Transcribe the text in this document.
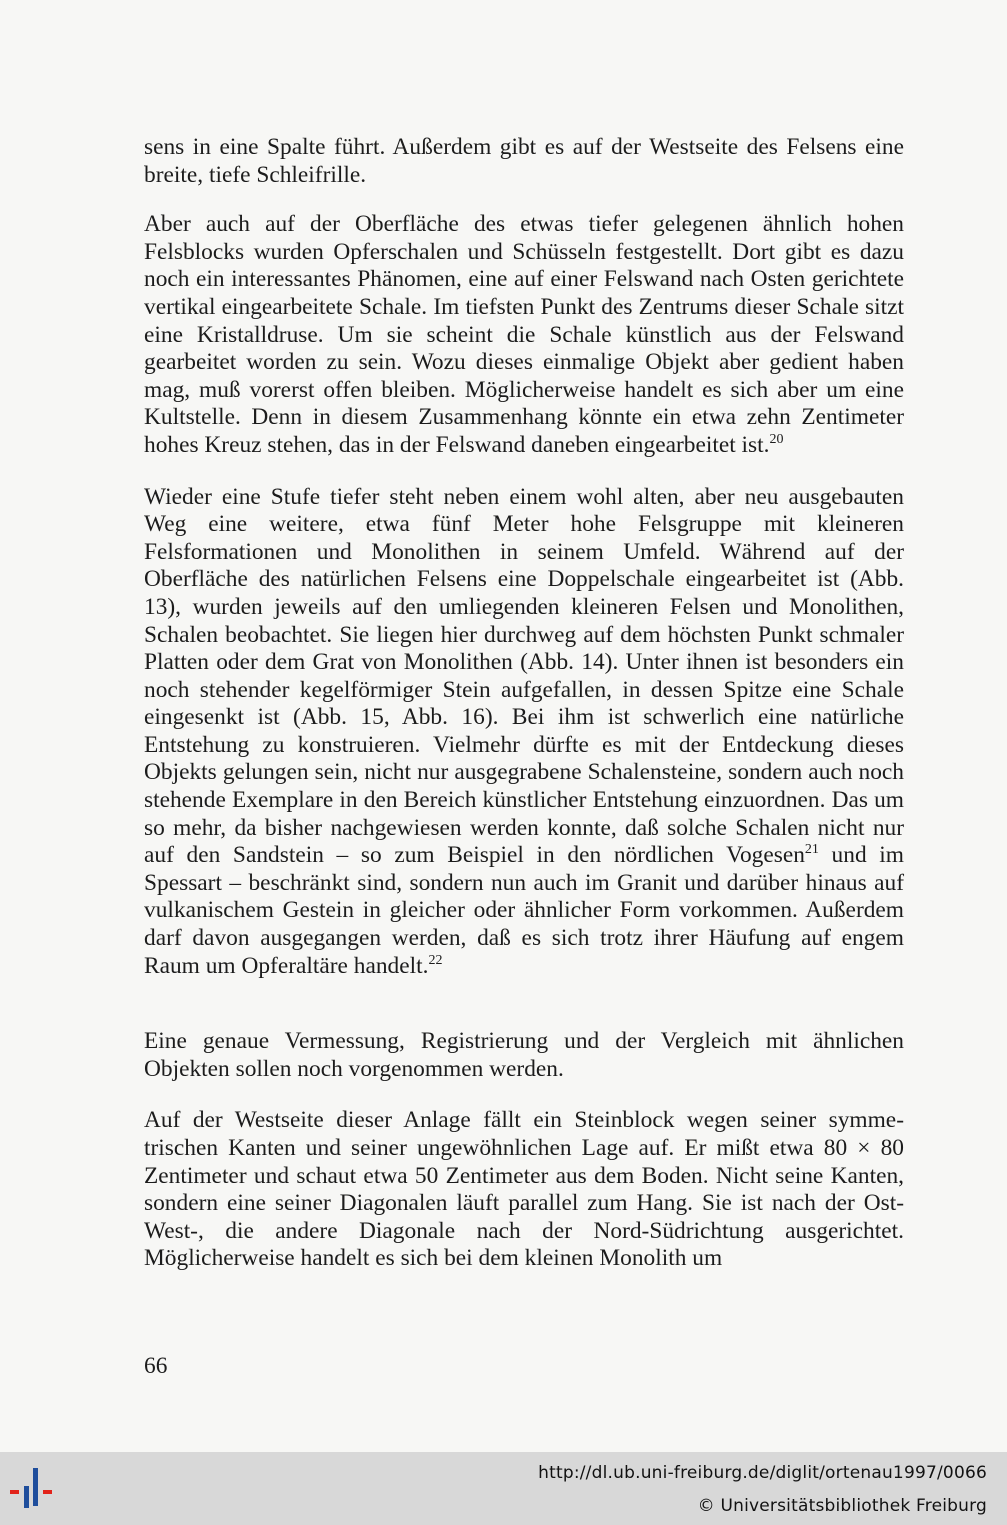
sens in eine Spalte führt. Außerdem gibt es auf der Westseite des Felsens eine breite, tiefe Schleifrille.

Aber auch auf der Oberfläche des etwas tiefer gelegenen ähnlich hohen Felsblocks wurden Opferschalen und Schüsseln festgestellt. Dort gibt es dazu noch ein interessantes Phänomen, eine auf einer Felswand nach Osten gerichtete vertikal eingearbeitete Schale. Im tiefsten Punkt des Zentrums dieser Schale sitzt eine Kristalldruse. Um sie scheint die Schale künstlich aus der Felswand gearbeitet worden zu sein. Wozu dieses einmalige Objekt aber gedient haben mag, muß vorerst offen bleiben. Möglicherweise handelt es sich aber um eine Kultstelle. Denn in diesem Zusammenhang könnte ein etwa zehn Zentimeter hohes Kreuz stehen, das in der Felswand daneben eingearbeitet ist.$^{20}$

Wieder eine Stufe tiefer steht neben einem wohl alten, aber neu ausgebauten Weg eine weitere, etwa fünf Meter hohe Felsgruppe mit kleineren Felsformationen und Monolithen in seinem Umfeld. Während auf der Oberfläche des natürlichen Felsens eine Doppelschale eingearbeitet ist (Abb. 13), wurden jeweils auf den umliegenden kleineren Felsen und Monolithen, Schalen beobachtet. Sie liegen hier durchweg auf dem höchsten Punkt schmaler Platten oder dem Grat von Monolithen (Abb. 14). Unter ihnen ist besonders ein noch stehender kegelförmiger Stein aufgefallen, in dessen Spitze eine Schale eingesenkt ist (Abb. 15, Abb. 16). Bei ihm ist schwerlich eine natürliche Entstehung zu konstruieren. Vielmehr dürfte es mit der Entdeckung dieses Objekts gelungen sein, nicht nur ausgegrabene Schalensteine, sondern auch noch stehende Exemplare in den Bereich künstlicher Entstehung einzuordnen. Das um so mehr, da bisher nachgewiesen werden konnte, daß solche Schalen nicht nur auf den Sandstein – so zum Beispiel in den nördlichen Vogesen$^{21}$ und im Spessart – beschränkt sind, sondern nun auch im Granit und darüber hinaus auf vulkanischem Gestein in gleicher oder ähnlicher Form vorkommen. Außerdem darf davon ausgegangen werden, daß es sich trotz ihrer Häufung auf engem Raum um Opferaltäre handelt.$^{22}$

Eine genaue Vermessung, Registrierung und der Vergleich mit ähnlichen Objekten sollen noch vorgenommen werden.

Auf der Westseite dieser Anlage fällt ein Steinblock wegen seiner symmetrischen Kanten und seiner ungewöhnlichen Lage auf. Er mißt etwa 80 × 80 Zentimeter und schaut etwa 50 Zentimeter aus dem Boden. Nicht seine Kanten, sondern eine seiner Diagonalen läuft parallel zum Hang. Sie ist nach der Ost-West-, die andere Diagonale nach der Nord-Südrichtung ausgerichtet. Möglicherweise handelt es sich bei dem kleinen Monolith um

66
http://dl.ub.uni-freiburg.de/diglit/ortenau1997/0066
© Universitätsbibliothek Freiburg
